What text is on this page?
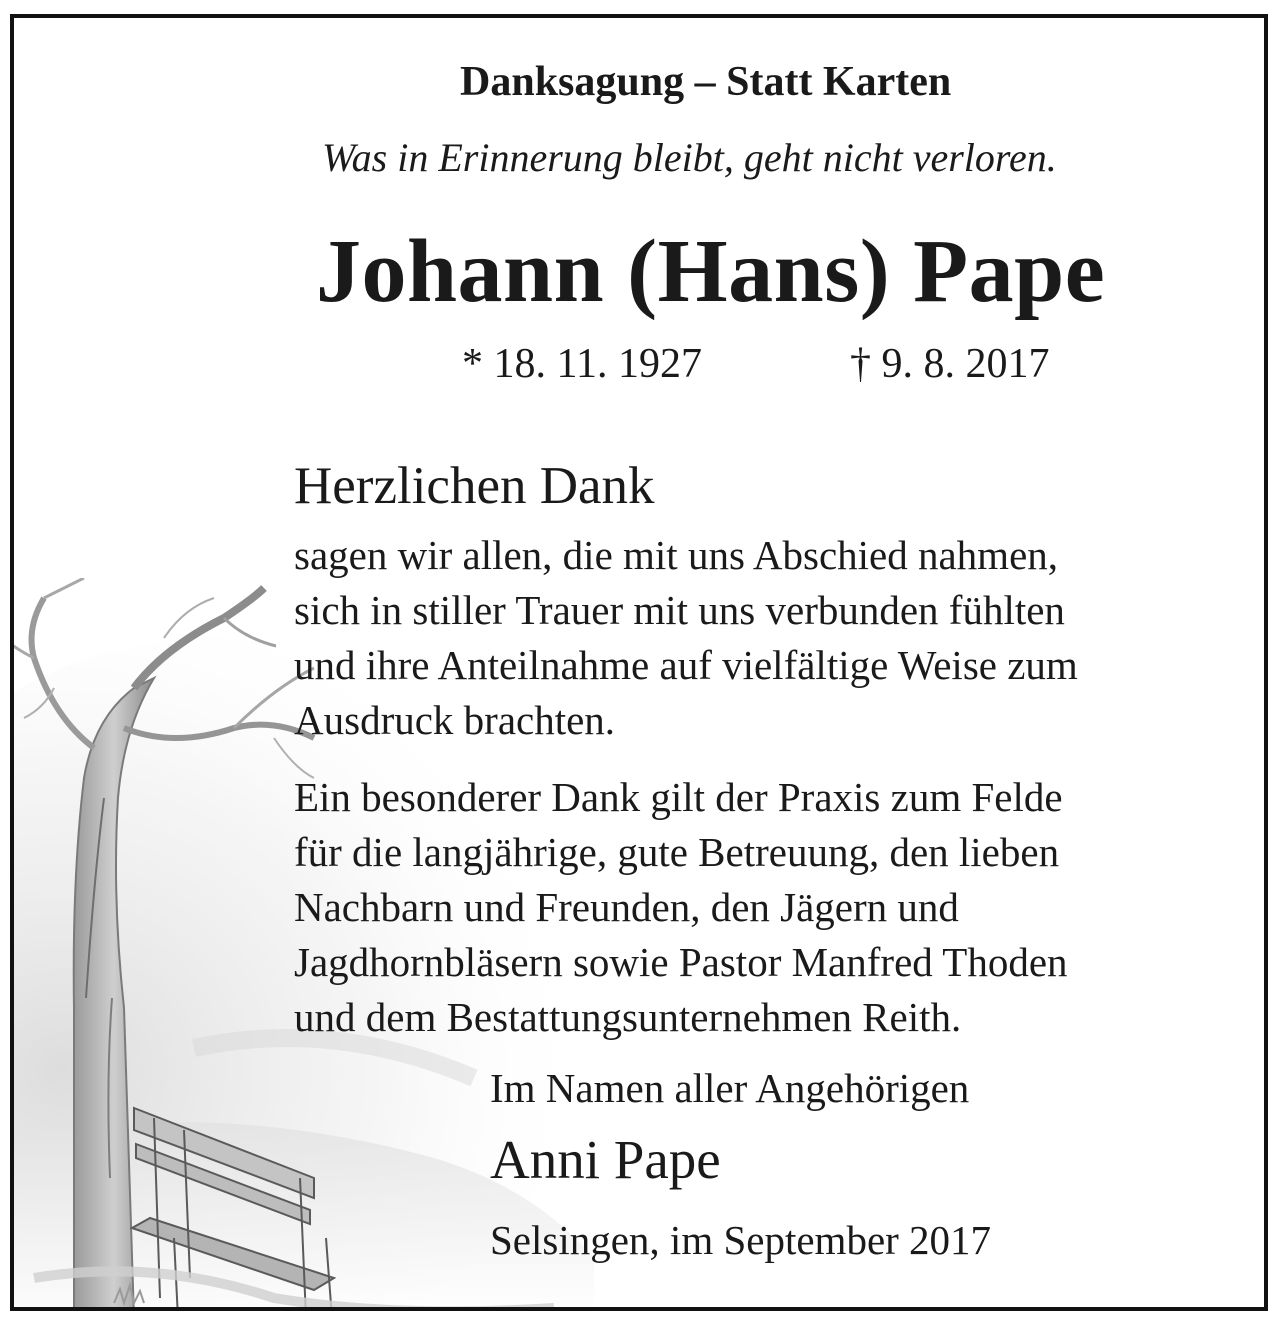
Danksagung – Statt Karten
Was in Erinnerung bleibt, geht nicht verloren.
Johann (Hans) Pape
* 18. 11. 1927	† 9. 8. 2017
Herzlichen Dank

sagen wir allen, die mit uns Abschied nahmen,
sich in stiller Trauer mit uns verbunden fühlten
und ihre Anteilnahme auf vielfältige Weise zum
Ausdruck brachten.

Ein besonderer Dank gilt der Praxis zum Felde
für die langjährige, gute Betreuung, den lieben
Nachbarn und Freunden, den Jägern und
Jagdhornbläsern sowie Pastor Manfred Thoden
und dem Bestattungsunternehmen Reith.

Im Namen aller Angehörigen
Anni Pape
Selsingen, im September 2017
